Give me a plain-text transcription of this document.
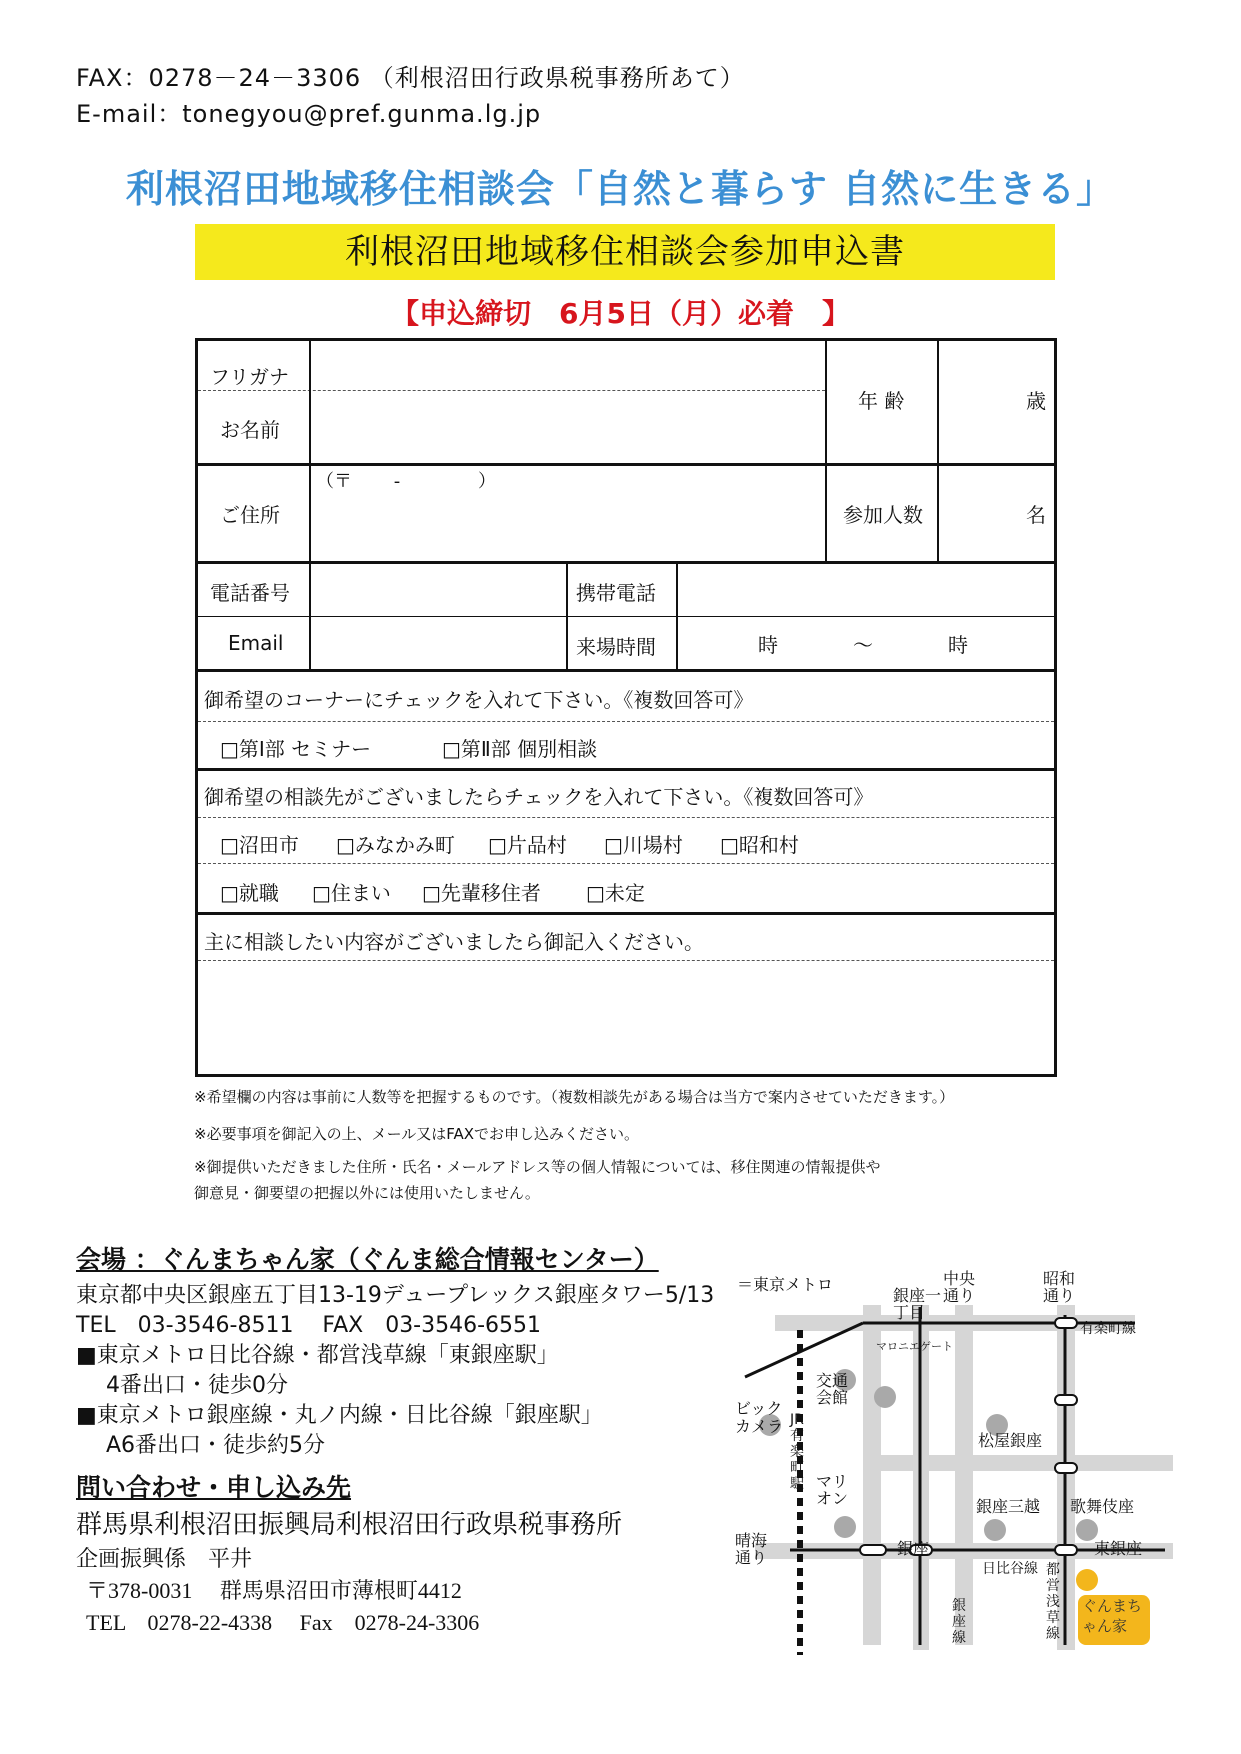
FAX：0278－24－3306 （利根沼田行政県税事務所あて）
E-mail：tonegyou@pref.gunma.lg.jp
利根沼田地域移住相談会「自然と暮らす 自然に生きる」
利根沼田地域移住相談会参加申込書
【申込締切　6月5日（月）必着　】
フリガナ
お名前
年 齢	歳
ご住所
（〒　　 -　　　　 ）
参加人数	名
電話番号	携帯電話
Email	来場時間	時	～	時
御希望のコーナーにチェックを入れて下さい。《複数回答可》
□第Ⅰ部 セミナー	□第Ⅱ部 個別相談
御希望の相談先がございましたらチェックを入れて下さい。《複数回答可》
□沼田市 □みなかみ町 □片品村 □川場村 □昭和村
□就職 □住まい □先輩移住者 □未定
主に相談したい内容がございましたら御記入ください。
※希望欄の内容は事前に人数等を把握するものです。（複数相談先がある場合は当方で案内させていただきます。）
※必要事項を御記入の上、メール又はFAXでお申し込みください。
※御提供いただきました住所・氏名・メールアドレス等の個人情報については、移住関連の情報提供や
御意見・御要望の把握以外には使用いたしません。
会場 ：ぐんまちゃん家（ぐんま総合情報センター）
東京都中央区銀座五丁目13-19デュープレックス銀座タワー5/13
TEL　03-3546-8511　 FAX　03-3546-6551
■東京メトロ日比谷線・都営浅草線「東銀座駅」
4番出口・徒歩0分
■東京メトロ銀座線・丸ノ内線・日比谷線「銀座駅」
A6番出口・徒歩約5分
問い合わせ・申し込み先
群馬県利根沼田振興局利根沼田行政県税事務所
企画振興係　平井
〒378-0031　 群馬県沼田市薄根町4412
TEL　0278-22-4338　 Fax　0278-24-3306
＝東京メトロ	中央通り
昭和通り
銀座一丁目
有楽町線
マロニエゲート
交通会館
ビックカメラ JR有楽町駅
松屋銀座
マリオン	銀座三越 歌舞伎座
晴海通り	銀座
日比谷線
東銀座
銀座線
都営浅草線
ぐんまちゃん家
